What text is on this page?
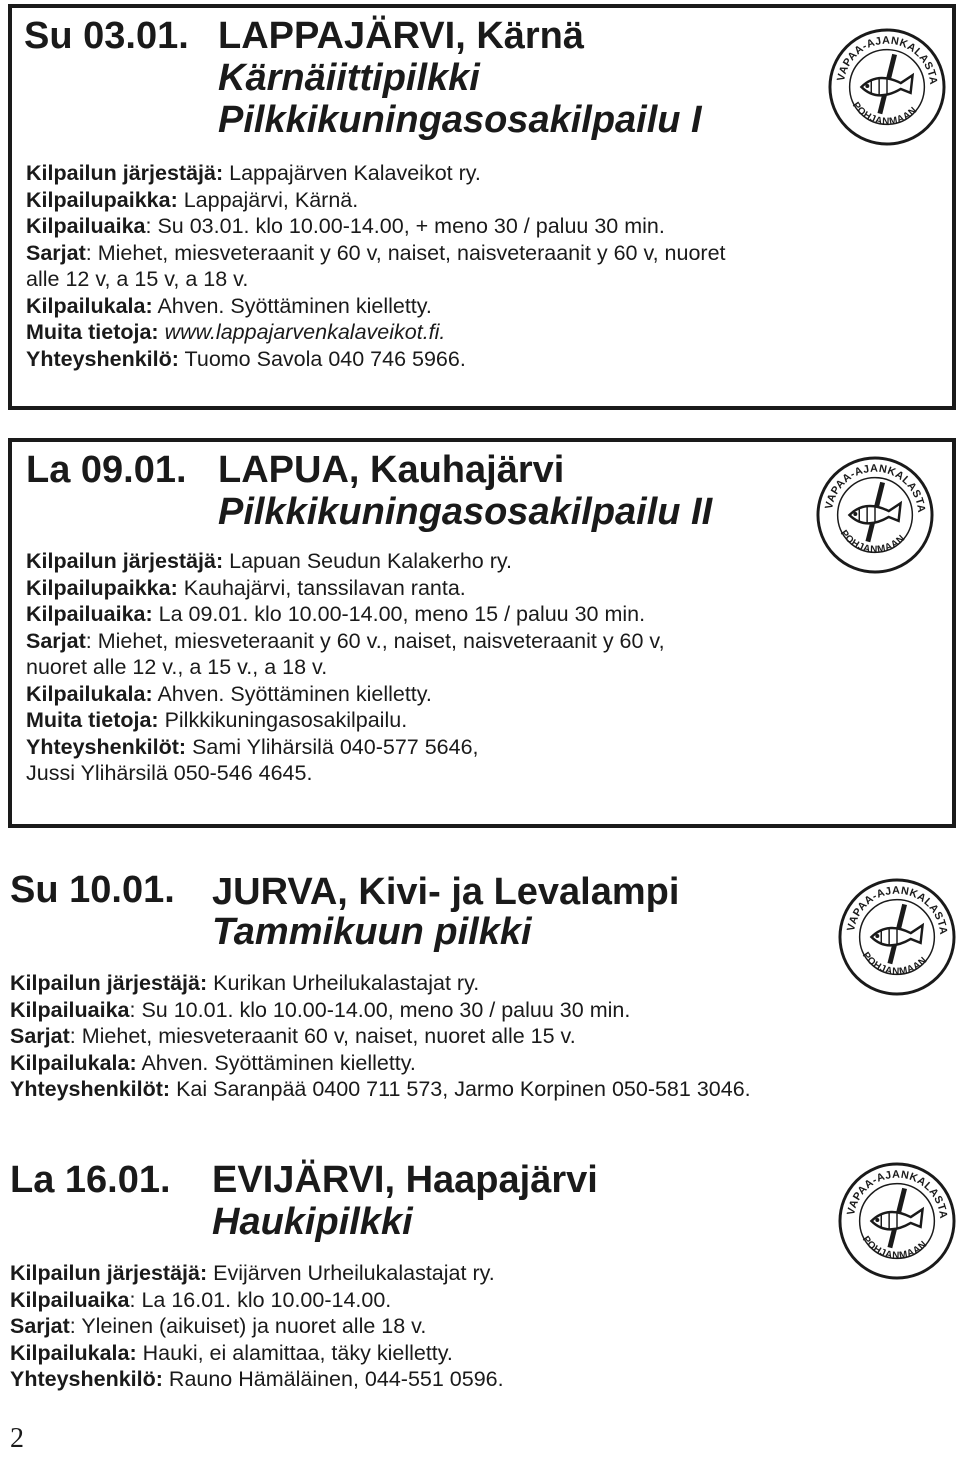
Su 03.01. LAPPAJÄRVI, Kärnä
Kärnäiittipilkki
Pilkkikuningasosakilpailu I
Kilpailun järjestäjä: Lappajärven Kalaveikot ry.
Kilpailupaikka: Lappajärvi, Kärnä.
Kilpailuaika: Su 03.01. klo 10.00-14.00, + meno 30 / paluu 30 min.
Sarjat: Miehet, miesveteraanit y 60 v, naiset, naisveteraanit y 60 v, nuoret
alle 12 v, a 15 v, a 18 v.
Kilpailukala: Ahven. Syöttäminen kielletty.
Muita tietoja: www.lappajarvenkalaveikot.fi.
Yhteyshenkilö: Tuomo Savola 040 746 5966.
La 09.01. LAPUA, Kauhajärvi
Pilkkikuningasosakilpailu II
Kilpailun järjestäjä: Lapuan Seudun Kalakerho ry.
Kilpailupaikka: Kauhajärvi, tanssilavan ranta.
Kilpailuaika: La 09.01. klo 10.00-14.00, meno 15 / paluu 30 min.
Sarjat: Miehet, miesveteraanit y 60 v., naiset, naisveteraanit y 60 v,
nuoret alle 12 v., a 15 v., a 18 v.
Kilpailukala: Ahven. Syöttäminen kielletty.
Muita tietoja: Pilkkikuningasosakilpailu.
Yhteyshenkilöt: Sami Ylihärsilä 040-577 5646,
Jussi Ylihärsilä 050-546 4645.
Su 10.01. JURVA, Kivi- ja Levalampi
Tammikuun pilkki
Kilpailun järjestäjä: Kurikan Urheilukalastajat ry.
Kilpailuaika: Su 10.01. klo 10.00-14.00, meno 30 / paluu 30 min.
Sarjat: Miehet, miesveteraanit 60 v, naiset, nuoret alle 15 v.
Kilpailukala: Ahven. Syöttäminen kielletty.
Yhteyshenkilöt: Kai Saranpää 0400 711 573, Jarmo Korpinen 050-581 3046.
La 16.01. EVIJÄRVI, Haapajärvi
Haukipilkki
Kilpailun järjestäjä: Evijärven Urheilukalastajat ry.
Kilpailuaika: La 16.01. klo 10.00-14.00.
Sarjat: Yleinen (aikuiset) ja nuoret alle 18 v.
Kilpailukala: Hauki, ei alamittaa, täky kielletty.
Yhteyshenkilö: Rauno Hämäläinen, 044-551 0596.
2
